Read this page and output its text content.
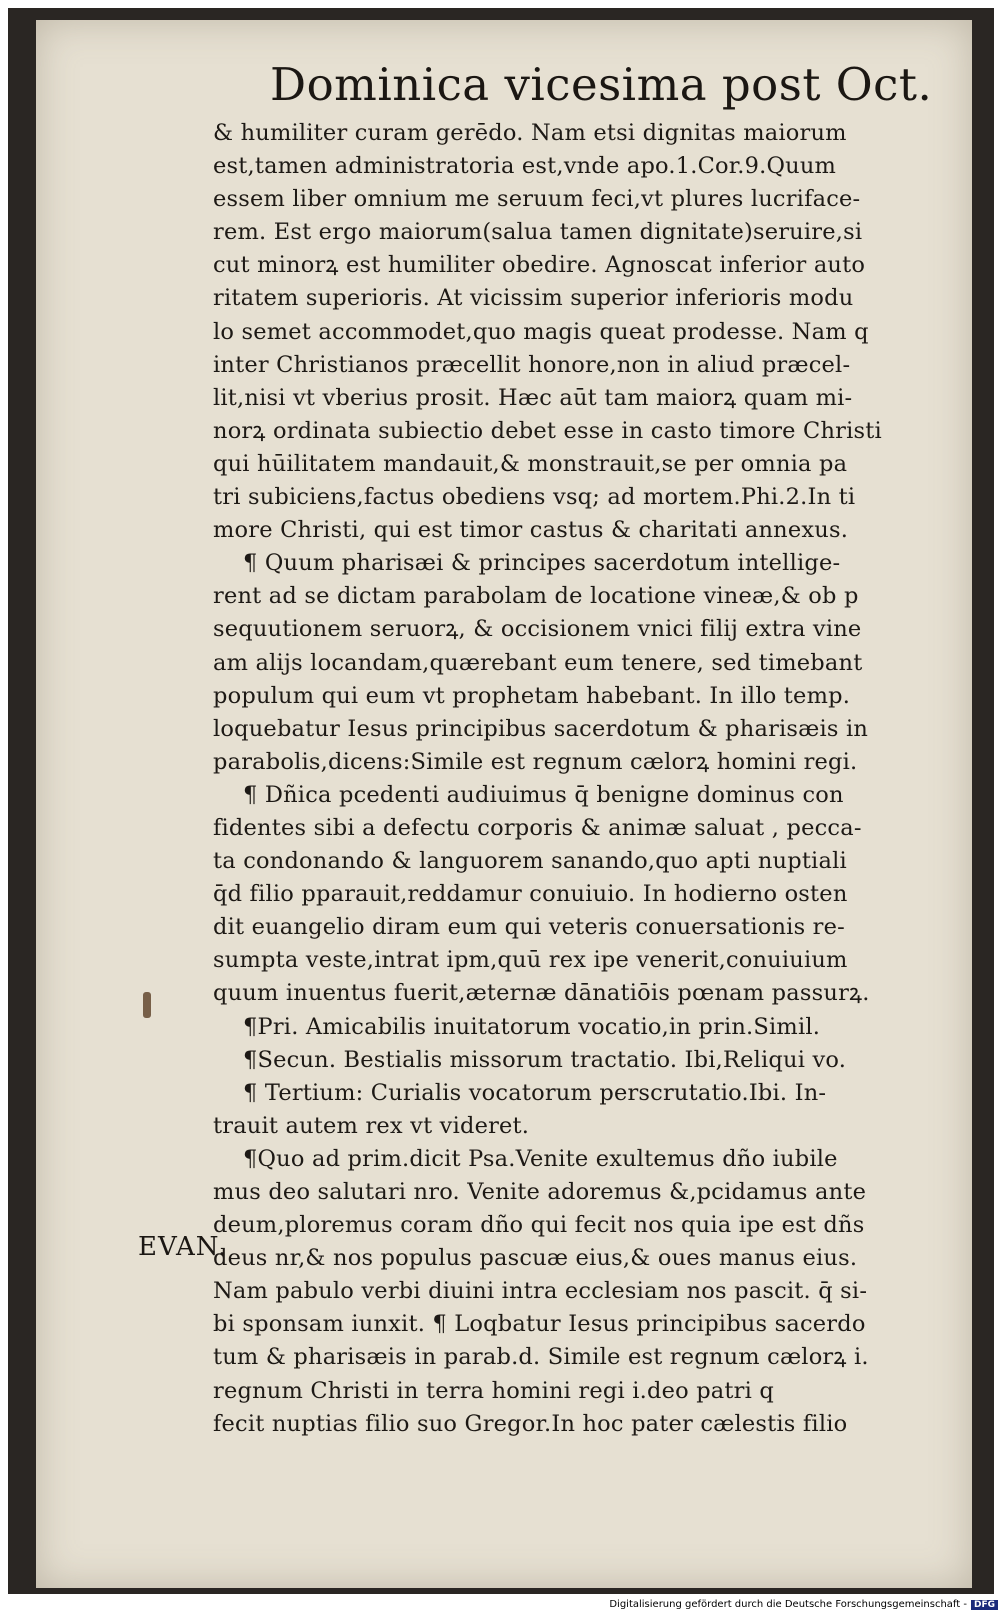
Dominica vicesima post Oct.
EVAN.
& humiliter curam gerēdo. Nam etsi dignitas maiorum
est,tamen administratoria est,vnde apo.1.Cor.9.Quum
essem liber omnium me seruum feci,vt plures lucriface-
rem. Est ergo maiorum(salua tamen dignitate)seruire,si
cut minorꝝ est humiliter obedire. Agnoscat inferior auto
ritatem superioris. At vicissim superior inferioris modu
lo semet accommodet,quo magis queat prodesse. Nam q
inter Christianos præcellit honore,non in aliud præcel-
lit,nisi vt vberius prosit. Hæc aūt tam maiorꝝ quam mi-
norꝝ ordinata subiectio debet esse in casto timore Christi
qui hūilitatem mandauit,& monstrauit,se per omnia pa
tri subiciens,factus obediens vsq; ad mortem.Phi.2.In ti
more Christi, qui est timor castus & charitati annexus.
¶ Quum pharisæi & principes sacerdotum intellige-
rent ad se dictam parabolam de locatione vineæ,& ob p
sequutionem seruorꝝ, & occisionem vnici filij extra vine
am alijs locandam,quærebant eum tenere, sed timebant
populum qui eum vt prophetam habebant. In illo temp.
loquebatur Iesus principibus sacerdotum & pharisæis in
parabolis,dicens:Simile est regnum cælorꝝ homini regi.
¶ Dñica pcedenti audiuimus q̄ benigne dominus con
fidentes sibi a defectu corporis & animæ saluat , pecca-
ta condonando & languorem sanando,quo apti nuptiali
q̄d filio pparauit,reddamur conuiuio. In hodierno osten
dit euangelio diram eum qui veteris conuersationis re-
sumpta veste,intrat ipm,quū rex ipe venerit,conuiuium
quum inuentus fuerit,æternæ dānatiōis pœnam passurꝝ.
¶Pri. Amicabilis inuitatorum vocatio,in prin.Simil.
¶Secun. Bestialis missorum tractatio. Ibi,Reliqui vo.
¶ Tertium: Curialis vocatorum perscrutatio.Ibi. In-
trauit autem rex vt videret.
¶Quo ad prim.dicit Psa.Venite exultemus dño iubile
mus deo salutari nro. Venite adoremus &,pcidamus ante
deum,ploremus coram dño qui fecit nos quia ipe est dñs
deus nr,& nos populus pascuæ eius,& oues manus eius.
Nam pabulo verbi diuini intra ecclesiam nos pascit. q̄ si-
bi sponsam iunxit. ¶ Loqbatur Iesus principibus sacerdo
tum & pharisæis in parab.d. Simile est regnum cælorꝝ i.
regnum Christi in terra homini regi i.deo patri q
fecit nuptias filio suo Gregor.In hoc pater cælestis filio
Digitalisierung gefördert durch die Deutsche Forschungsgemeinschaft - DFG
